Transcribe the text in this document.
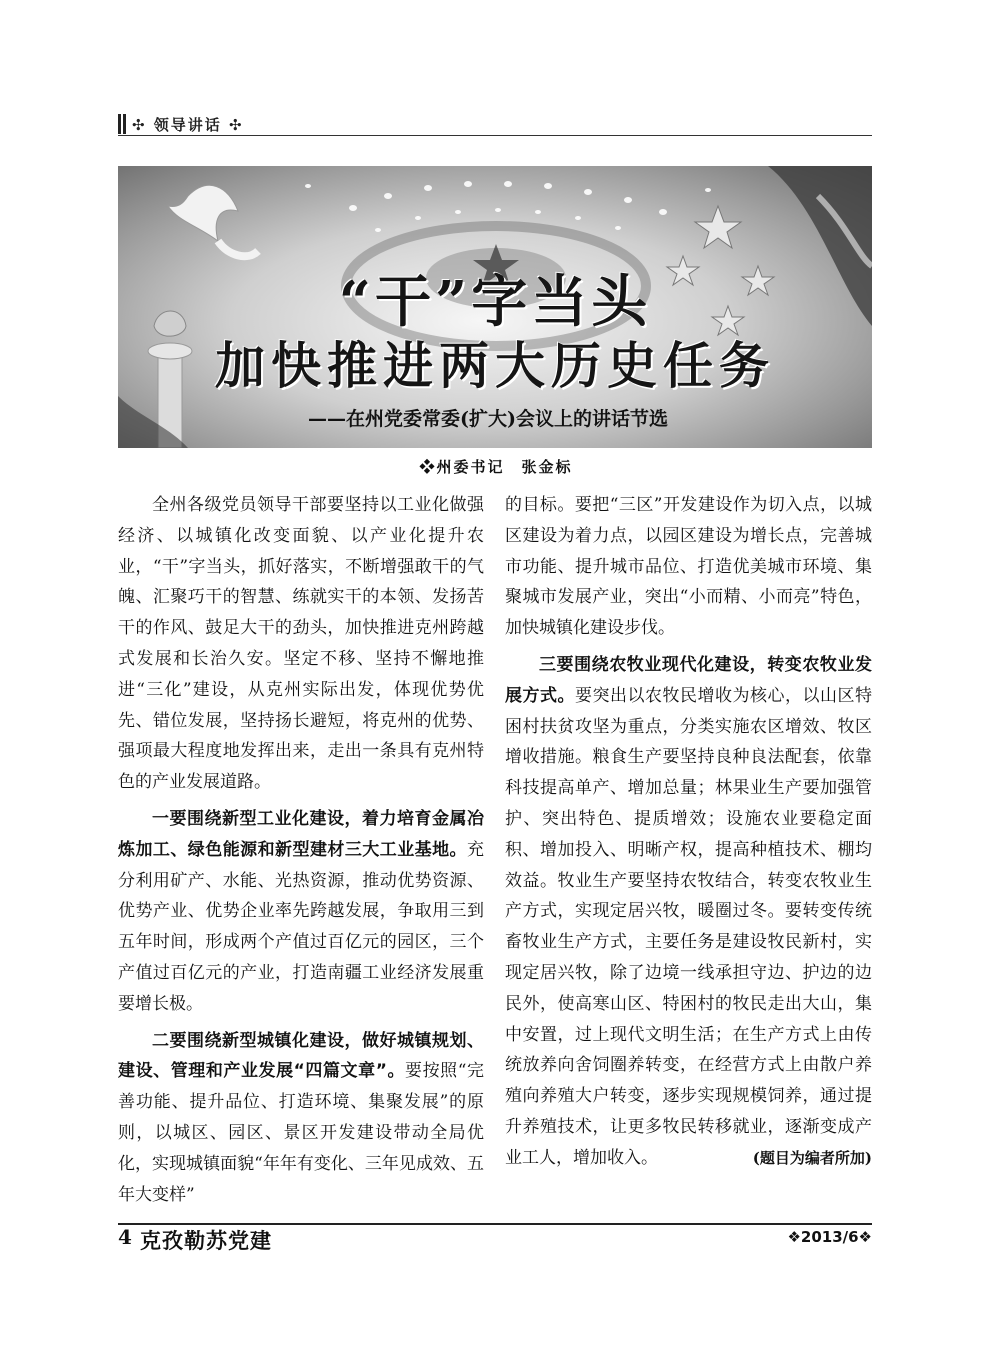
✣ 领导讲话 ✣
“干”字当头
加快推进两大历史任务
——在州党委常委(扩大)会议上的讲话节选
❖州委书记　张金标

全州各级党员领导干部要坚持以工业化做强经济、以城镇化改变面貌、以产业化提升农业，“干”字当头，抓好落实，不断增强敢干的气魄、汇聚巧干的智慧、练就实干的本领、发扬苦干的作风、鼓足大干的劲头，加快推进克州跨越式发展和长治久安。坚定不移、坚持不懈地推进“三化”建设，从克州实际出发，体现优势优先、错位发展，坚持扬长避短，将克州的优势、强项最大程度地发挥出来，走出一条具有克州特色的产业发展道路。

一要围绕新型工业化建设，着力培育金属冶炼加工、绿色能源和新型建材三大工业基地。充分利用矿产、水能、光热资源，推动优势资源、优势产业、优势企业率先跨越发展，争取用三到五年时间，形成两个产值过百亿元的园区，三个产值过百亿元的产业，打造南疆工业经济发展重要增长极。

二要围绕新型城镇化建设，做好城镇规划、建设、管理和产业发展“四篇文章”。要按照“完善功能、提升品位、打造环境、集聚发展”的原则，以城区、园区、景区开发建设带动全局优化，实现城镇面貌“年年有变化、三年见成效、五年大变样”

的目标。要把“三区”开发建设作为切入点，以城区建设为着力点，以园区建设为增长点，完善城市功能、提升城市品位、打造优美城市环境、集聚城市发展产业，突出“小而精、小而亮”特色，加快城镇化建设步伐。

三要围绕农牧业现代化建设，转变农牧业发展方式。要突出以农牧民增收为核心，以山区特困村扶贫攻坚为重点，分类实施农区增效、牧区增收措施。粮食生产要坚持良种良法配套，依靠科技提高单产、增加总量；林果业生产要加强管护、突出特色、提质增效；设施农业要稳定面积、增加投入、明晰产权，提高种植技术、棚均效益。牧业生产要坚持农牧结合，转变农牧业生产方式，实现定居兴牧，暖圈过冬。要转变传统畜牧业生产方式，主要任务是建设牧民新村，实现定居兴牧，除了边境一线承担守边、护边的边民外，使高寒山区、特困村的牧民走出大山，集中安置，过上现代文明生活；在生产方式上由传统放养向舍饲圈养转变，在经营方式上由散户养殖向养殖大户转变，逐步实现规模饲养，通过提升养殖技术，让更多牧民转移就业，逐渐变成产业工人，增加收入。	(题目为编者所加)

4 克孜勒苏党建	❖2013/6❖
